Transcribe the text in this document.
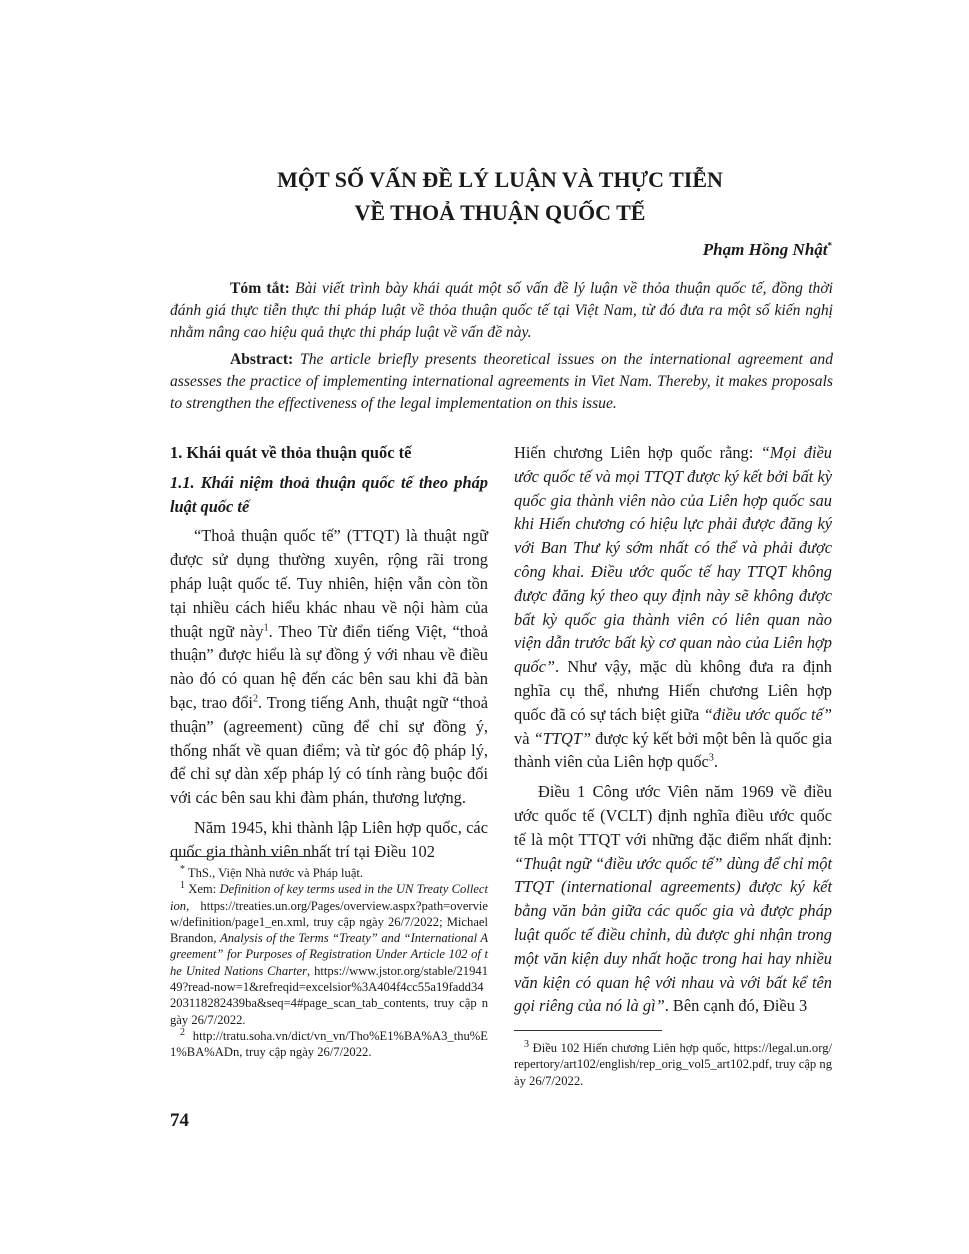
MỘT SỐ VẤN ĐỀ LÝ LUẬN VÀ THỰC TIỄN
VỀ THOẢ THUẬN QUỐC TẾ
Phạm Hồng Nhật*

Tóm tắt: Bài viết trình bày khái quát một số vấn đề lý luận về thỏa thuận quốc tế, đồng thời đánh giá thực tiễn thực thi pháp luật về thỏa thuận quốc tế tại Việt Nam, từ đó đưa ra một số kiến nghị nhằm nâng cao hiệu quả thực thi pháp luật về vấn đề này.

Abstract: The article briefly presents theoretical issues on the international agreement and assesses the practice of implementing international agreements in Viet Nam. Thereby, it makes proposals to strengthen the effectiveness of the legal implementation on this issue.

1. Khái quát về thỏa thuận quốc tế

1.1. Khái niệm thoả thuận quốc tế theo pháp luật quốc tế

“Thoả thuận quốc tế” (TTQT) là thuật ngữ được sử dụng thường xuyên, rộng rãi trong pháp luật quốc tế. Tuy nhiên, hiện vẫn còn tồn tại nhiều cách hiểu khác nhau về nội hàm của thuật ngữ này$^1$. Theo Từ điển tiếng Việt, “thoả thuận” được hiểu là sự đồng ý với nhau về điều nào đó có quan hệ đến các bên sau khi đã bàn bạc, trao đổi$^2$. Trong tiếng Anh, thuật ngữ “thoả thuận” (agreement) cũng để chỉ sự đồng ý, thống nhất về quan điểm; và từ góc độ pháp lý, để chỉ sự dàn xếp pháp lý có tính ràng buộc đối với các bên sau khi đàm phán, thương lượng.

Năm 1945, khi thành lập Liên hợp quốc, các quốc gia thành viên nhất trí tại Điều 102

Hiến chương Liên hợp quốc rằng: “Mọi điều ước quốc tế và mọi TTQT được ký kết bởi bất kỳ quốc gia thành viên nào của Liên hợp quốc sau khi Hiến chương có hiệu lực phải được đăng ký với Ban Thư ký sớm nhất có thể và phải được công khai. Điều ước quốc tế hay TTQT không được đăng ký theo quy định này sẽ không được bất kỳ quốc gia thành viên có liên quan nào viện dẫn trước bất kỳ cơ quan nào của Liên hợp quốc”. Như vậy, mặc dù không đưa ra định nghĩa cụ thể, nhưng Hiến chương Liên hợp quốc đã có sự tách biệt giữa “điều ước quốc tế” và “TTQT” được ký kết bởi một bên là quốc gia thành viên của Liên hợp quốc$^3$.

Điều 1 Công ước Viên năm 1969 về điều ước quốc tế (VCLT) định nghĩa điều ước quốc tế là một TTQT với những đặc điểm nhất định: “Thuật ngữ “điều ước quốc tế” dùng để chỉ một TTQT (international agreements) được ký kết bằng văn bản giữa các quốc gia và được pháp luật quốc tế điều chỉnh, dù được ghi nhận trong một văn kiện duy nhất hoặc trong hai hay nhiều văn kiện có quan hệ với nhau và với bất kể tên gọi riêng của nó là gì”. Bên cạnh đó, Điều 3

* ThS., Viện Nhà nước và Pháp luật.

$^1$ Xem: Definition of key terms used in the UN Treaty Collection, https://treaties.un.org/Pages/overview.aspx?path=overview/definition/page1_en.xml, truy cập ngày 26/7/2022; Michael Brandon, Analysis of the Terms “Treaty” and “International Agreement” for Purposes of Registration Under Article 102 of the United Nations Charter, https://www.jstor.org/stable/2194149?read-now=1&refreqid=excelsior%3A404f4cc55a19fadd34203118282439ba&seq=4#page_scan_tab_contents, truy cập ngày 26/7/2022.

$^2$ http://tratu.soha.vn/dict/vn_vn/Tho%E1%BA%A3_thu%E1%BA%ADn, truy cập ngày 26/7/2022.

$^3$ Điều 102 Hiến chương Liên hợp quốc, https://legal.un.org/repertory/art102/english/rep_orig_vol5_art102.pdf, truy cập ngày 26/7/2022.

74
